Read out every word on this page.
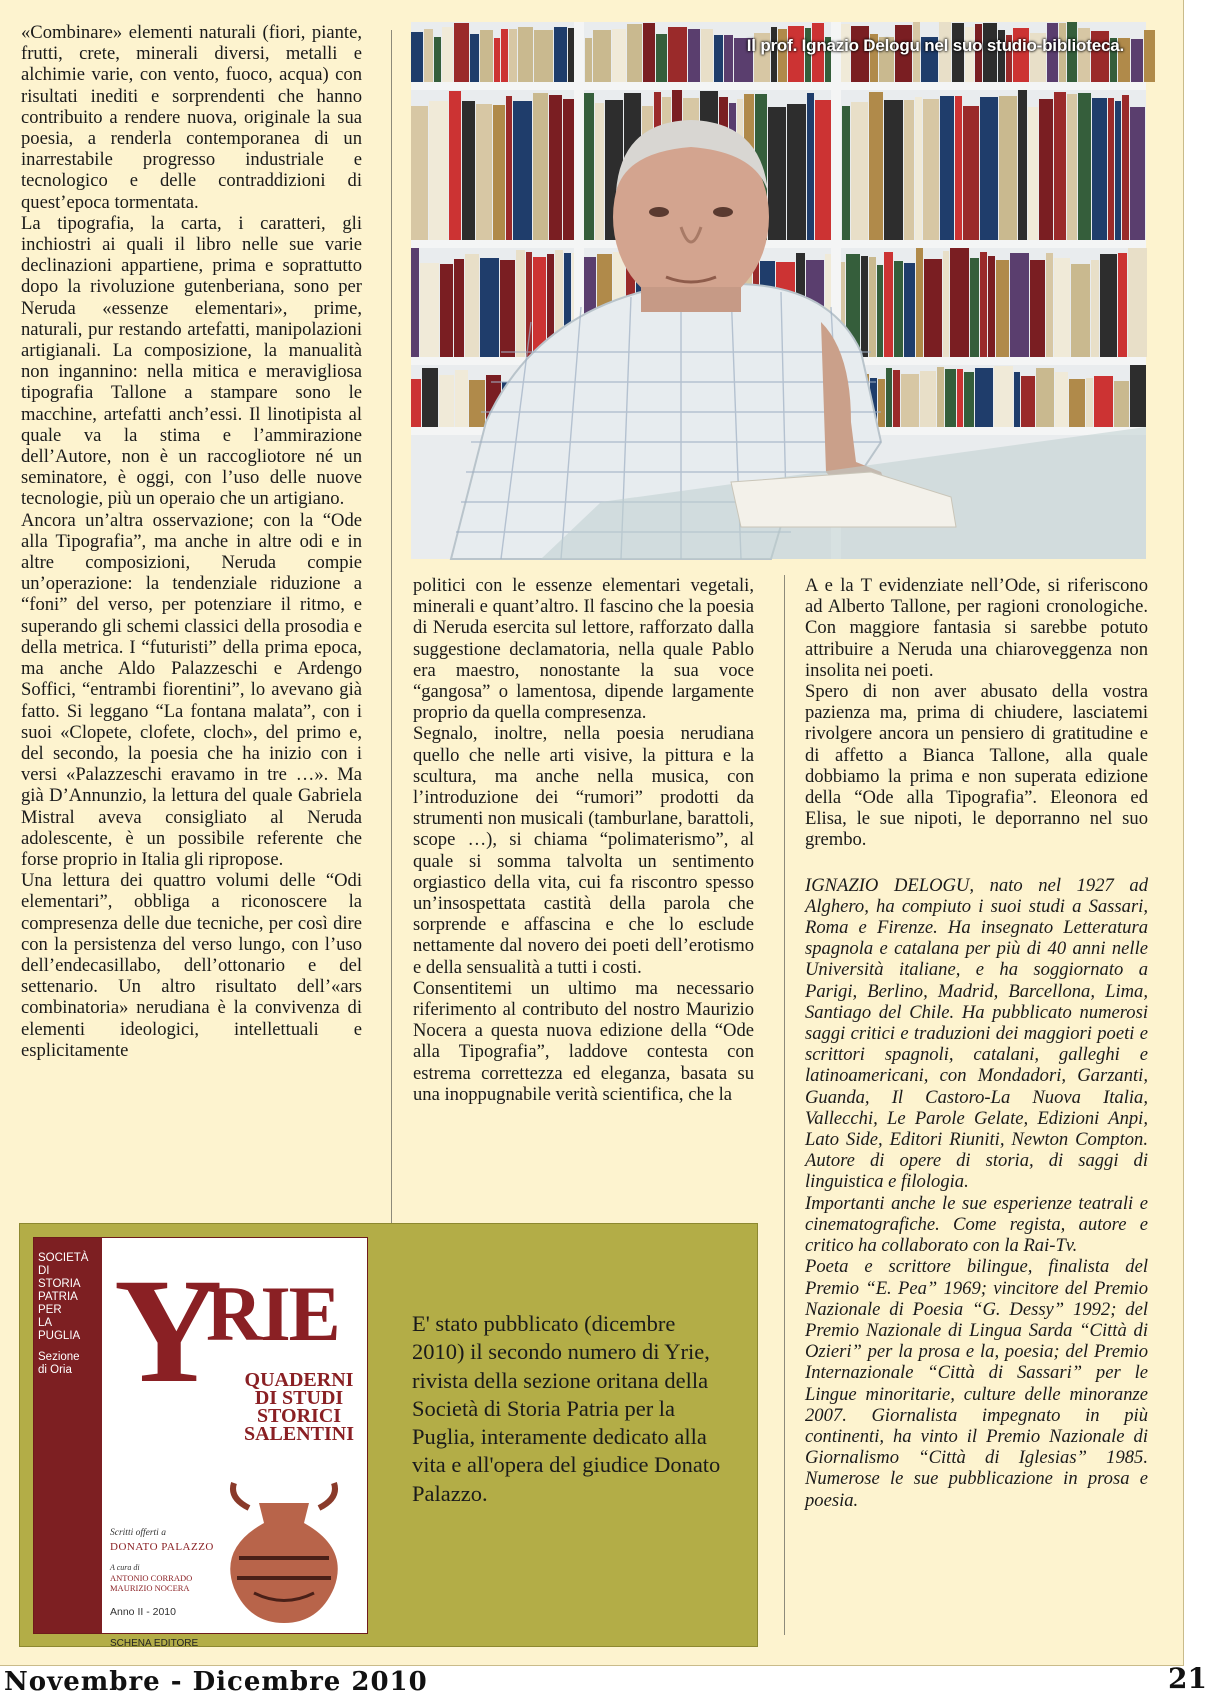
«Combinare» elementi naturali (fiori, piante, frutti, crete, minerali diversi, metalli e alchimie varie, con vento, fuoco, acqua) con risultati inediti e sorprendenti che hanno contribuito a rendere nuova, originale la sua poesia, a renderla contemporanea di un inarrestabile progresso industriale e tecnologico e delle contraddizioni di quest’epoca tormentata.

La tipografia, la carta, i caratteri, gli inchiostri ai quali il libro nelle sue varie declinazioni appartiene, prima e soprattutto dopo la rivoluzione gutenberiana, sono per Neruda «essenze elementari», prime, naturali, pur restando artefatti, manipolazioni artigianali. La composizione, la manualità non ingannino: nella mitica e meravigliosa tipografia Tallone a stampare sono le macchine, artefatti anch’essi. Il linotipista al quale va la stima e l’ammirazione dell’Autore, non è un raccogliotore né un seminatore, è oggi, con l’uso delle nuove tecnologie, più un operaio che un artigiano.

Ancora un’altra osservazione; con la “Ode alla Tipografia”, ma anche in altre odi e in altre composizioni, Neruda compie un’operazione: la tendenziale riduzione a “foni” del verso, per potenziare il ritmo, e superando gli schemi classici della prosodia e della metrica. I “futuristi” della prima epoca, ma anche Aldo Palazzeschi e Ardengo Soffici, “entrambi fiorentini”, lo avevano già fatto. Si leggano “La fontana malata”, con i suoi «Clopete, clofete, cloch», del primo e, del secondo, la poesia che ha inizio con i versi «Palazzeschi eravamo in tre …». Ma già D’Annunzio, la lettura del quale Gabriela Mistral aveva consigliato al Neruda adolescente, è un possibile referente che forse proprio in Italia gli ripropose.

Una lettura dei quattro volumi delle “Odi elementari”, obbliga a riconoscere la compresenza delle due tecniche, per così dire con la persistenza del verso lungo, con l’uso dell’endecasillabo, dell’ottonario e del settenario. Un altro risultato dell’«ars combinatoria» nerudiana è la convivenza di elementi ideologici, intellettuali e esplicitamente

Il prof. Ignazio Delogu nel suo studio-biblioteca.

politici con le essenze elementari vegetali, minerali e quant’altro. Il fascino che la poesia di Neruda esercita sul lettore, rafforzato dalla suggestione declamatoria, nella quale Pablo era maestro, nonostante la sua voce “gangosa” o lamentosa, dipende largamente proprio da quella compresenza.

Segnalo, inoltre, nella poesia nerudiana quello che nelle arti visive, la pittura e la scultura, ma anche nella musica, con l’introduzione dei “rumori” prodotti da strumenti non musicali (tamburlane, barattoli, scope …), si chiama “polimaterismo”, al quale si somma talvolta un sentimento orgiastico della vita, cui fa riscontro spesso un’insospettata castità della parola che sorprende e affascina e che lo esclude nettamente dal novero dei poeti dell’erotismo e della sensualità a tutti i costi.

Consentitemi un ultimo ma necessario riferimento al contributo del nostro Maurizio Nocera a questa nuova edizione della “Ode alla Tipografia”, laddove contesta con estrema correttezza ed eleganza, basata su una inoppugnabile verità scientifica, che la

A e la T evidenziate nell’Ode, si riferiscono ad Alberto Tallone, per ragioni cronologiche. Con maggiore fantasia si sarebbe potuto attribuire a Neruda una chiaroveggenza non insolita nei poeti.

Spero di non aver abusato della vostra pazienza ma, prima di chiudere, lasciatemi rivolgere ancora un pensiero di gratitudine e di affetto a Bianca Tallone, alla quale dobbiamo la prima e non superata edizione della “Ode alla Tipografia”. Eleonora ed Elisa, le sue nipoti, le deporranno nel suo grembo.

IGNAZIO DELOGU, nato nel 1927 ad Alghero, ha compiuto i suoi studi a Sassari, Roma e Firenze. Ha insegnato Letteratura spagnola e catalana per più di 40 anni nelle Università italiane, e ha soggiornato a Parigi, Berlino, Madrid, Barcellona, Lima, Santiago del Chile. Ha pubblicato numerosi saggi critici e traduzioni dei maggiori poeti e scrittori spagnoli, catalani, galleghi e latinoamericani, con Mondadori, Garzanti, Guanda, Il Castoro-La Nuova Italia, Vallecchi, Le Parole Gelate, Edizioni Anpi, Lato Side, Editori Riuniti, Newton Compton. Autore di opere di storia, di saggi di linguistica e filologia.

Importanti anche le sue esperienze teatrali e cinematografiche. Come regista, autore e critico ha collaborato con la Rai-Tv.

Poeta e scrittore bilingue, finalista del Premio “E. Pea” 1969; vincitore del Premio Nazionale di Poesia “G. Dessy” 1992; del Premio Nazionale di Lingua Sarda “Città di Ozieri” per la prosa e la, poesia; del Premio Internazionale “Città di Sassari” per le Lingue minoritarie, culture delle minoranze 2007. Giornalista impegnato in più continenti, ha vinto il Premio Nazionale di Giornalismo “Città di Iglesias” 1985. Numerose le sue pubblicazione in prosa e poesia.

SOCIETÀ
DI
STORIA
PATRIA
PER
LA
PUGLIA
Sezione
di Oria Y
RIE
QUADERNI
DI STUDI
STORICI
SALENTINI
Scritti offerti a
DONATO PALAZZO
A cura di
ANTONIO CORRADO
MAURIZIO NOCERA
Anno II - 2010
SCHENA EDITORE
E' stato pubblicato (dicembre 2010) il secondo numero di Yrie, rivista della sezione oritana della Società di Storia Patria per la Puglia, interamente dedicato alla vita e all'opera del giudice Donato Palazzo.
Novembre - Dicembre 2010	21
